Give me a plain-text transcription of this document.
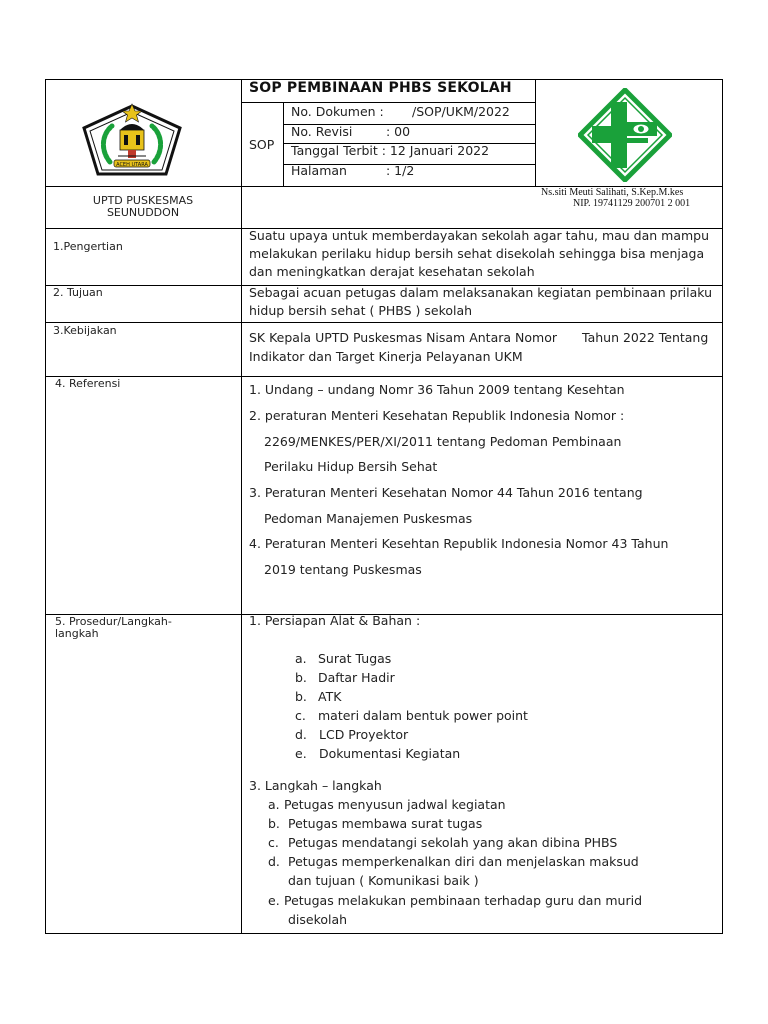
ACEH UTARA
SOP PEMBINAAN PHBS SEKOLAH
SOP
No. Dokumen : /SOP/UKM/2022
No. Revisi	: 00
Tanggal Terbit : 12 Januari 2022
Halaman	: 1/2
UPTD PUSKESMAS
SEUNUDDON
Ns.siti Meuti Salihati, S.Kep.M.kes
NIP. 19741129 200701 2 001
1.Pengertian
2. Tujuan
3.Kebijakan
4. Referensi
5. Prosedur/Langkah-
langkah
Suatu upaya untuk memberdayakan sekolah agar tahu, mau dan mampu
melakukan perilaku hidup bersih sehat disekolah sehingga bisa menjaga
dan meningkatkan derajat kesehatan sekolah
Sebagai acuan petugas dalam melaksanakan kegiatan pembinaan prilaku
hidup bersih sehat ( PHBS ) sekolah
SK Kepala UPTD Puskesmas Nisam Antara Nomor Tahun 2022 Tentang
Indikator dan Target Kinerja Pelayanan UKM
1. Undang – undang Nomr 36 Tahun 2009 tentang Kesehtan
2. peraturan Menteri Kesehatan Republik Indonesia Nomor :
2269/MENKES/PER/XI/2011 tentang Pedoman Pembinaan
Perilaku Hidup Bersih Sehat
3. Peraturan Menteri Kesehatan Nomor 44 Tahun 2016 tentang
Pedoman Manajemen Puskesmas
4. Peraturan Menteri Kesehtan Republik Indonesia Nomor 43 Tahun
2019 tentang Puskesmas
1. Persiapan Alat & Bahan :
a. Surat Tugas
b. Daftar Hadir
b. ATK
c. materi dalam bentuk power point
d. LCD Proyektor
e. Dokumentasi Kegiatan
3. Langkah – langkah
a. Petugas menyusun jadwal kegiatan
b. Petugas membawa surat tugas
c. Petugas mendatangi sekolah yang akan dibina PHBS
d. Petugas memperkenalkan diri dan menjelaskan maksud
dan tujuan ( Komunikasi baik )
e. Petugas melakukan pembinaan terhadap guru dan murid
disekolah
